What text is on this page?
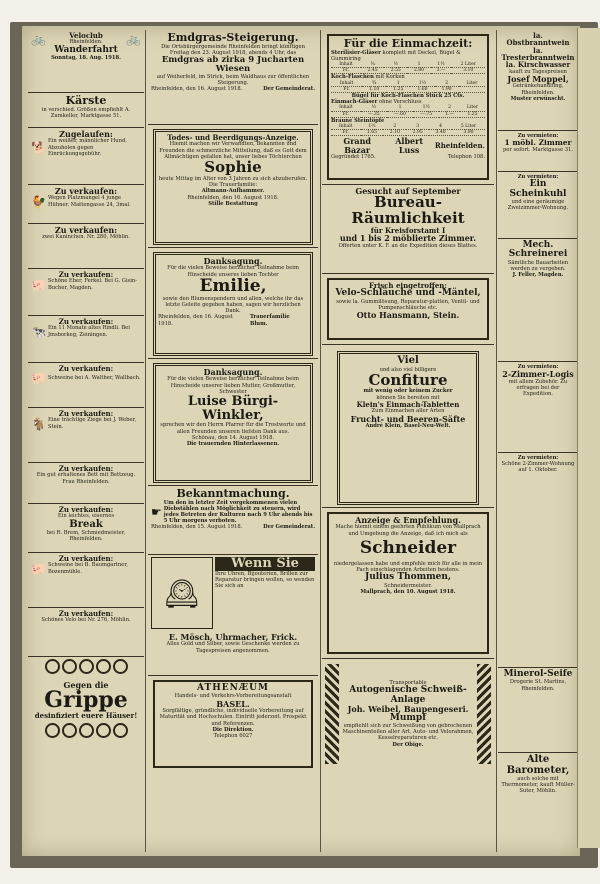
🚲	Veloclub
Rheinfelden. 🚲
Wanderfahrt
Sonntag, 18. Aug. 1918.
Kärste
in verschied. Größen empfiehlt A. Zumkeller, Marktgasse 51.
Zugelaufen:
🐕 Ein weißer, männlicher Hund. Abzuholen gegen Einrückungsgebühr.
Zu verkaufen:
🐓 Wegen Platzmangel 4 junge Hühner. Mattengasse 24, 3mal.
Zu verkaufen:
zwei Kaninchen. Nr. 280, Möhlin.
Zu verkaufen:
🐖 Schöne Eber, Ferkel. Bei G. Gisin-Bucher, Magden.
Zu verkaufen:
🐄 Ein 11 Monate altes Rindli. Bei Jmsborkeg, Zeiningen.
Zu verkaufen:
🐖 Schweine bei A. Walther, Wallbach.
Zu verkaufen:
🐐 Eine trächtige Ziege bei J. Weber, Stein.
Zu verkaufen:
Ein gut erhaltenes Bett mit Bettzeug. Frau Rheinfelden.
Zu verkaufen:
Ein leichtes, eisernes
Break
bei R. Brem, Schmiedmeister, Rheinfelden.
Zu verkaufen:
🐖 Schweine bei B. Baumgartner, Bozenmühle.
Zu verkaufen:
Schönes Velo bei Nr. 276, Möhlin.
Gegen die
Grippe
desinfiziert euere Häuser!
Emdgras-Steigerung.
Die Ortsbürgergemeinde Rheinfelden bringt künftigen Freitag den 23. August 1918, abends 4 Uhr, das
Emdgras ab zirka 9 Jucharten Wiesen
auf Weiherfeld, im Strick, beim Waldhaus zur öffentlichen Steigerung.
Rheinfelden, den 16. August 1918.	Der Gemeinderat.
Todes- und Beerdigungs-Anzeige.
Hiemit machen wir Verwandten, Bekannten und Freunden die schmerzliche Mitteilung, daß es Gott dem Allmächtigen gefallen hat, unser liebes Töchterchen
Sophie
heute Mittag im Alter von 3 Jahren zu sich abzuberufen.
Die Trauerfamilie:
Altmann-Aufhammer.
Rheinfelden, den 16. August 1918.
Stille Bestattung
Danksagung.
Für die vielen Beweise herzlicher Teilnahme beim Hinscheide unseres lieben Tochter
Emilie,
sowie den Blumenspendern und allen, welche ihr das letzte Geleite gegeben haben, sagen wir herzlichen Dank.
Rheinfelden, den 16. August 1918.
Trauerfamilie Blum.
Danksagung.
Für die vielen Beweise herzlicher Teilnahme beim Hinscheide unserer lieben Mutter, Großmutter, Schwester
Luise Bürgi-Winkler,
sprechen wir den Herrn Pfarrer für die Trostworte und allen Freunden unseren tiefsten Dank aus.
Schönau, den 14. August 1918.
Die trauernden Hinterlassenen.
Bekanntmachung.
☛
Um den in letzter Zeit vorgekommenen vielen Diebstählen nach Möglichkeit zu steuern, wird jedes Betreten der Kulturen nach 9 Uhr abends bis 5 Uhr morgens verboten.
Rheinfelden, den 15. August 1918.	Der Gemeinderat.
🕰
Wenn Sie
Ihre Uhren, Bijouterien, Brillen zur Reparatur bringen wollen, so wenden Sie sich an
E. Mösch, Uhrmacher, Frick.
Alles Gold und Silber, sowie Geschenke werden zu Tagespreisen angenommen.
ATHENÆUM
Handels- und Verkehrs-Vorbereitungsanstalt
BASEL.
Sorgfältige, gründliche, individuelle Vorbereitung auf Maturität und Hochschulen. Eintritt jederzeit. Prospekt und Referenzen.
Die Direktion.
Telephon 6027
Für die Einmachzeit:
Sterilisier-Gläser komplett mit Deckel, Bügel & Gummiring
Inhalt	¼	½	1	1½	2 Liter
Fr.	2.45	2.55	2.80	3.—	3.10
Koch-Flaschen mit Korken
Inhalt	¾	1	1½	2	Liter
Fr.	1.10	1.25	1.60	1.90	
Bügel für Koch-Flaschen Stück 25 Cts.
Einmach-Gläser ohne Verschluss
Inhalt	½	1	1½	2	Liter
Fr.	—.35	—.60	—.75	1.—	1.25
Braune Steintöpfe
Inhalt	1½	2	3	4	5 Liter
Fr.	1.65	2.10	2.95	3.40	3.90
Grand Bazar
Albert Luss	Rheinfelden.
Gegründet 1765.	Telephon 108.
Gesucht auf September
Bureau-Räumlichkeit
für Kreisforstamt I
und 1 bis 2 möblierte Zimmer.
Offerten unter K. F. an die Expedition dieses Blattes.
Frisch eingetroffen:
Velo-Schläuche und -Mäntel,
sowie la. Gummilösung, Reparatur-platten, Ventil- und Pumpenschläuche etc.
Otto Hansmann, Stein.
Viel
und also viel billigere
Confiture
mit wenig oder keinem Zucker
können Sie bereiten mit
Klein's Einmach-Tabletten
Zum Einmachen aller Arten
Frucht- und Beeren-Säfte
André Klein, Basel-Neu-Welt.
Anzeige & Empfehlung.
Mache hiemit einem geehrten Publikum von Mallprach und Umgebung die Anzeige, daß ich mich als
Schneider
niedergelassen habe und empfehle mich für alle in mein Fach einschlagenden Arbeiten bestens.
Julius Thommen,
Schneidermeister.
Mallprach, den 10. August 1918.
Transportable
Autogenische Schweiß-Anlage
Joh. Weibel, Baupengeseri.
Mumpf
empfiehlt sich zur Schweißung von gebrochenen Maschinenteilen aller Art, Auto- und Velorahmen, Kesselreparaturen etc.
Der Obige.
la. Obstbranntwein
la. Tresterbranntwein
la. Kirschwasser
kauft zu Tagespreisen
Josef Moppel,
Getränkehandlung, Rheinfelden.
Muster erwünscht.
Zu vermieten:
1 möbl. Zimmer
per sofort. Marktgasse 31.
Zu vermieten:
Ein Scheinkuhl
und eine geräumige Zweizimmer-Wohnung.
Mech. Schreinerei
Sämtliche Bauarbeiten werden zu vergeben.
J. Feller, Magden.
Zu vermieten:
2-Zimmer-Logis
mit allem Zubehör. Zu erfragen bei der Expedition.
Zu vermieten:
Schöne 2-Zimmer-Wohnung auf 1. Oktober.
Minerol-Seife
Drogerie St. Martins, Rheinfelden.
Alte Barometer,
auch solche mit Thermometer, kauft Müller-Suter, Möhlin.
